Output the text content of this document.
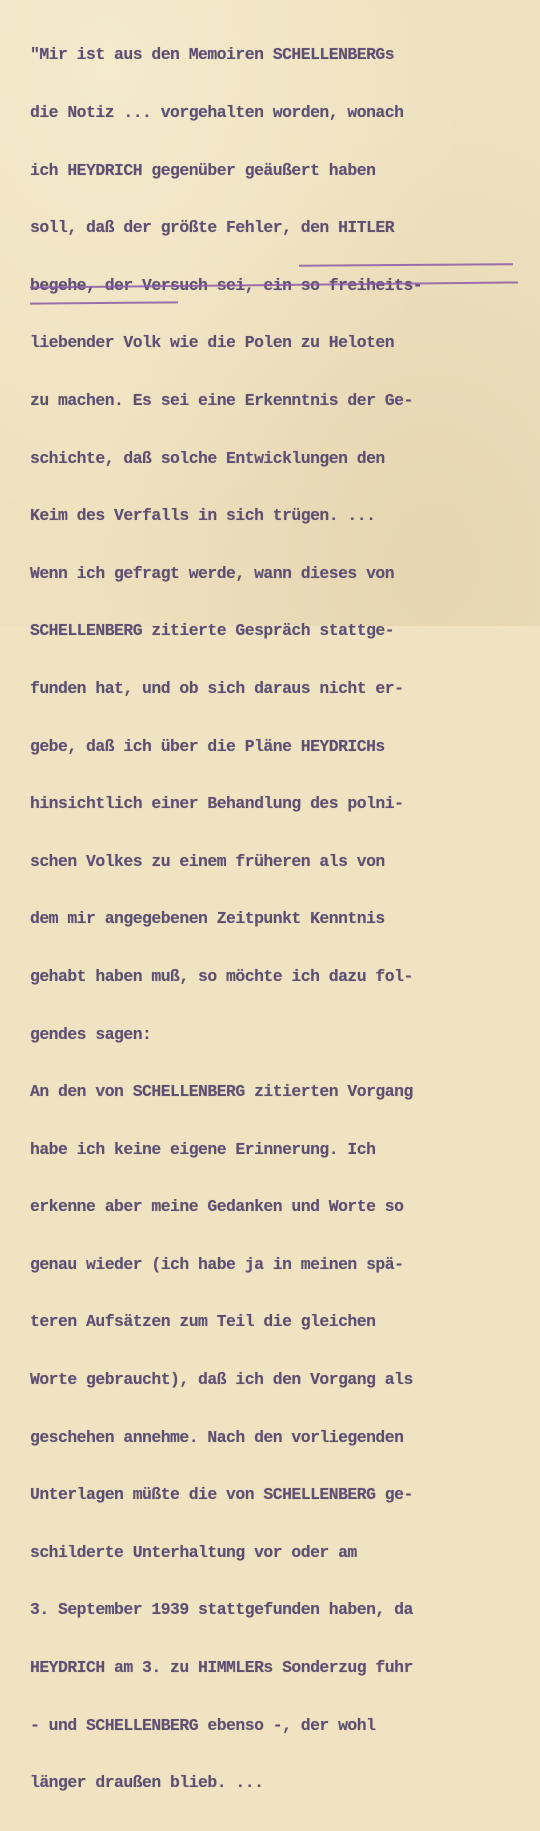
"Mir ist aus den Memoiren SCHELLENBERGs

die Notiz ... vorgehalten worden, wonach

ich HEYDRICH gegenüber geäußert haben

soll, daß der größte Fehler, den HITLER

begehe, der Versuch sei, ein so freiheits-

liebender Volk wie die Polen zu Heloten

zu machen. Es sei eine Erkenntnis der Ge-

schichte, daß solche Entwicklungen den

Keim des Verfalls in sich trügen. ...

Wenn ich gefragt werde, wann dieses von

SCHELLENBERG zitierte Gespräch stattge-

funden hat, und ob sich daraus nicht er-

gebe, daß ich über die Pläne HEYDRICHs

hinsichtlich einer Behandlung des polni-

schen Volkes zu einem früheren als von

dem mir angegebenen Zeitpunkt Kenntnis

gehabt haben muß, so möchte ich dazu fol-

gendes sagen:

An den von SCHELLENBERG zitierten Vorgang

habe ich keine eigene Erinnerung. Ich

erkenne aber meine Gedanken und Worte so

genau wieder (ich habe ja in meinen spä-

teren Aufsätzen zum Teil die gleichen

Worte gebraucht), daß ich den Vorgang als

geschehen annehme. Nach den vorliegenden

Unterlagen müßte die von SCHELLENBERG ge-

schilderte Unterhaltung vor oder am

3. September 1939 stattgefunden haben, da

HEYDRICH am 3. zu HIMMLERs Sonderzug fuhr

- und SCHELLENBERG ebenso -, der wohl

länger draußen blieb. ...
